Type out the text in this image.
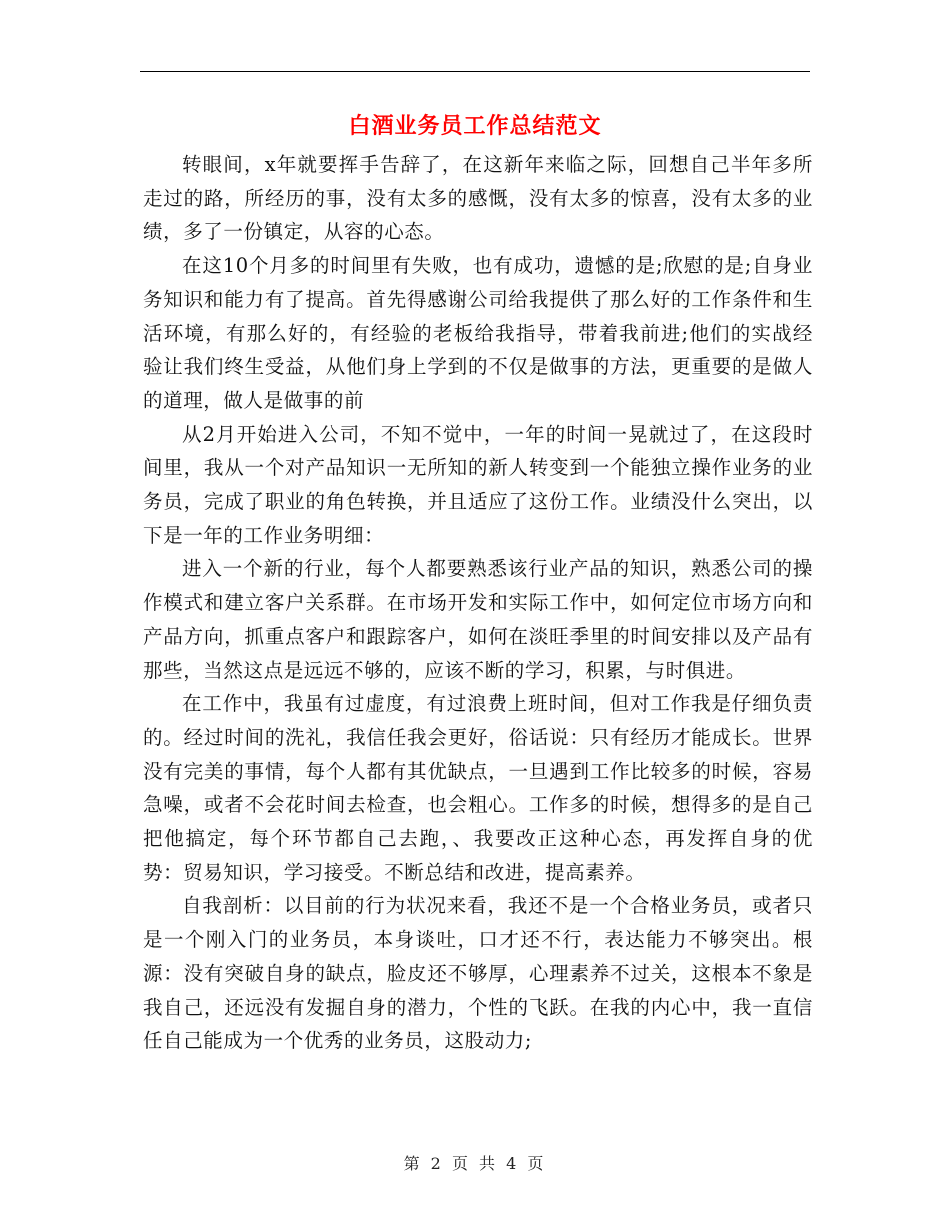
白酒业务员工作总结范文

转眼间，x年就要挥手告辞了，在这新年来临之际，回想自己半年多所走过的路，所经历的事，没有太多的感慨，没有太多的惊喜，没有太多的业绩，多了一份镇定，从容的心态。

在这10个月多的时间里有失败，也有成功，遗憾的是;欣慰的是;自身业务知识和能力有了提高。首先得感谢公司给我提供了那么好的工作条件和生活环境，有那么好的，有经验的老板给我指导，带着我前进;他们的实战经验让我们终生受益，从他们身上学到的不仅是做事的方法，更重要的是做人的道理，做人是做事的前

从2月开始进入公司，不知不觉中，一年的时间一晃就过了，在这段时间里，我从一个对产品知识一无所知的新人转变到一个能独立操作业务的业务员，完成了职业的角色转换，并且适应了这份工作。业绩没什么突出，以下是一年的工作业务明细：

进入一个新的行业，每个人都要熟悉该行业产品的知识，熟悉公司的操作模式和建立客户关系群。在市场开发和实际工作中，如何定位市场方向和产品方向，抓重点客户和跟踪客户，如何在淡旺季里的时间安排以及产品有那些，当然这点是远远不够的，应该不断的学习，积累，与时俱进。

在工作中，我虽有过虚度，有过浪费上班时间，但对工作我是仔细负责的。经过时间的洗礼，我信任我会更好，俗话说：只有经历才能成长。世界没有完美的事情，每个人都有其优缺点，一旦遇到工作比较多的时候，容易急噪，或者不会花时间去检查，也会粗心。工作多的时候，想得多的是自己把他搞定，每个环节都自己去跑，、我要改正这种心态，再发挥自身的优势：贸易知识，学习接受。不断总结和改进，提高素养。

自我剖析：以目前的行为状况来看，我还不是一个合格业务员，或者只是一个刚入门的业务员，本身谈吐，口才还不行，表达能力不够突出。根源：没有突破自身的缺点，脸皮还不够厚，心理素养不过关，这根本不象是我自己，还远没有发掘自身的潜力，个性的飞跃。在我的内心中，我一直信任自己能成为一个优秀的业务员，这股动力;

第 2 页 共 4 页
